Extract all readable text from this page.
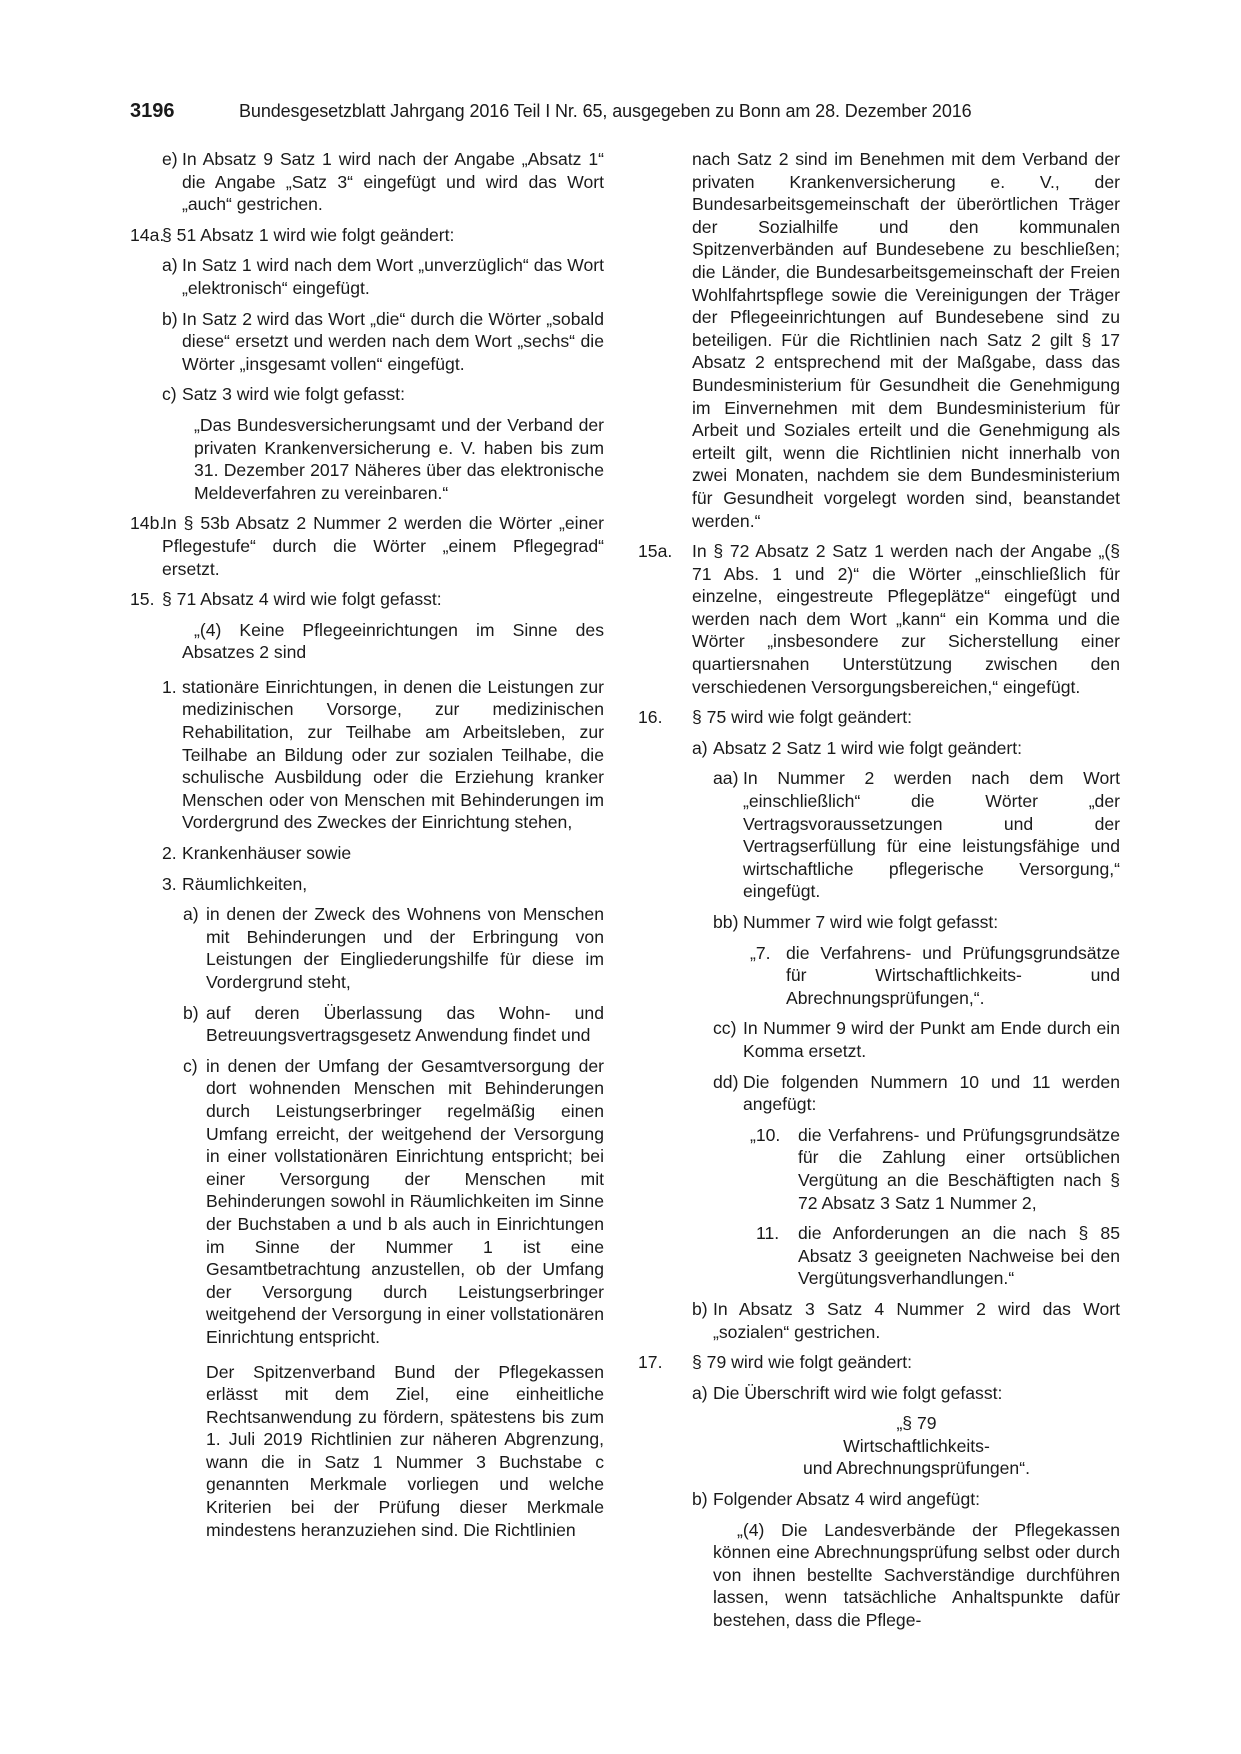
3196	Bundesgesetzblatt Jahrgang 2016 Teil I Nr. 65, ausgegeben zu Bonn am 28. Dezember 2016
e) In Absatz 9 Satz 1 wird nach der Angabe „Absatz 1“ die Angabe „Satz 3“ eingefügt und wird das Wort „auch“ gestrichen.
14a.
§ 51 Absatz 1 wird wie folgt geändert:
a) In Satz 1 wird nach dem Wort „unverzüglich“ das Wort „elektronisch“ eingefügt.
b) In Satz 2 wird das Wort „die“ durch die Wörter „sobald diese“ ersetzt und werden nach dem Wort „sechs“ die Wörter „insgesamt vollen“ eingefügt.
c) Satz 3 wird wie folgt gefasst:
„Das Bundesversicherungsamt und der Verband der privaten Krankenversicherung e. V. haben bis zum 31. Dezember 2017 Näheres über das elektronische Meldeverfahren zu vereinbaren.“
14b.
In § 53b Absatz 2 Nummer 2 werden die Wörter „einer Pflegestufe“ durch die Wörter „einem Pflegegrad“ ersetzt.
15. § 71 Absatz 4 wird wie folgt gefasst:
„(4) Keine Pflegeeinrichtungen im Sinne des Absatzes 2 sind
1. stationäre Einrichtungen, in denen die Leistungen zur medizinischen Vorsorge, zur medizinischen Rehabilitation, zur Teilhabe am Arbeitsleben, zur Teilhabe an Bildung oder zur sozialen Teilhabe, die schulische Ausbildung oder die Erziehung kranker Menschen oder von Menschen mit Behinderungen im Vordergrund des Zweckes der Einrichtung stehen,
2. Krankenhäuser sowie
3. Räumlichkeiten,
a) in denen der Zweck des Wohnens von Menschen mit Behinderungen und der Erbringung von Leistungen der Eingliederungshilfe für diese im Vordergrund steht,
b) auf deren Überlassung das Wohn- und Betreuungsvertragsgesetz Anwendung findet und
c) in denen der Umfang der Gesamtversorgung der dort wohnenden Menschen mit Behinderungen durch Leistungserbringer regelmäßig einen Umfang erreicht, der weitgehend der Versorgung in einer vollstationären Einrichtung entspricht; bei einer Versorgung der Menschen mit Behinderungen sowohl in Räumlichkeiten im Sinne der Buchstaben a und b als auch in Einrichtungen im Sinne der Nummer 1 ist eine Gesamtbetrachtung anzustellen, ob der Umfang der Versorgung durch Leistungserbringer weitgehend der Versorgung in einer vollstationären Einrichtung entspricht.
Der Spitzenverband Bund der Pflegekassen erlässt mit dem Ziel, eine einheitliche Rechtsanwendung zu fördern, spätestens bis zum 1. Juli 2019 Richtlinien zur näheren Abgrenzung, wann die in Satz 1 Nummer 3 Buchstabe c genannten Merkmale vorliegen und welche Kriterien bei der Prüfung dieser Merkmale mindestens heranzuziehen sind. Die Richtlinien
nach Satz 2 sind im Benehmen mit dem Verband der privaten Krankenversicherung e. V., der Bundesarbeitsgemeinschaft der überörtlichen Träger der Sozialhilfe und den kommunalen Spitzenverbänden auf Bundesebene zu beschließen; die Länder, die Bundesarbeitsgemeinschaft der Freien Wohlfahrtspflege sowie die Vereinigungen der Träger der Pflegeeinrichtungen auf Bundesebene sind zu beteiligen. Für die Richtlinien nach Satz 2 gilt § 17 Absatz 2 entsprechend mit der Maßgabe, dass das Bundesministerium für Gesundheit die Genehmigung im Einvernehmen mit dem Bundesministerium für Arbeit und Soziales erteilt und die Genehmigung als erteilt gilt, wenn die Richtlinien nicht innerhalb von zwei Monaten, nachdem sie dem Bundesministerium für Gesundheit vorgelegt worden sind, beanstandet werden.“
15a. In § 72 Absatz 2 Satz 1 werden nach der Angabe „(§ 71 Abs. 1 und 2)“ die Wörter „einschließlich für einzelne, eingestreute Pflegeplätze“ eingefügt und werden nach dem Wort „kann“ ein Komma und die Wörter „insbesondere zur Sicherstellung einer quartiersnahen Unterstützung zwischen den verschiedenen Versorgungsbereichen,“ eingefügt.
16. § 75 wird wie folgt geändert:
a) Absatz 2 Satz 1 wird wie folgt geändert:
aa) In Nummer 2 werden nach dem Wort „einschließlich“ die Wörter „der Vertragsvoraussetzungen und der Vertragserfüllung für eine leistungsfähige und wirtschaftliche pflegerische Versorgung,“ eingefügt.
bb) Nummer 7 wird wie folgt gefasst:
„7. die Verfahrens- und Prüfungsgrundsätze für Wirtschaftlichkeits- und Abrechnungsprüfungen,“.
cc) In Nummer 9 wird der Punkt am Ende durch ein Komma ersetzt.
dd) Die folgenden Nummern 10 und 11 werden angefügt:
„10. die Verfahrens- und Prüfungsgrundsätze für die Zahlung einer ortsüblichen Vergütung an die Beschäftigten nach § 72 Absatz 3 Satz 1 Nummer 2,
11. die Anforderungen an die nach § 85 Absatz 3 geeigneten Nachweise bei den Vergütungsverhandlungen.“
b) In Absatz 3 Satz 4 Nummer 2 wird das Wort „sozialen“ gestrichen.
17. § 79 wird wie folgt geändert:
a) Die Überschrift wird wie folgt gefasst:
„§ 79
Wirtschaftlichkeits-
und Abrechnungsprüfungen“.
b) Folgender Absatz 4 wird angefügt:
„(4) Die Landesverbände der Pflegekassen können eine Abrechnungsprüfung selbst oder durch von ihnen bestellte Sachverständige durchführen lassen, wenn tatsächliche Anhaltspunkte dafür bestehen, dass die Pflege-
